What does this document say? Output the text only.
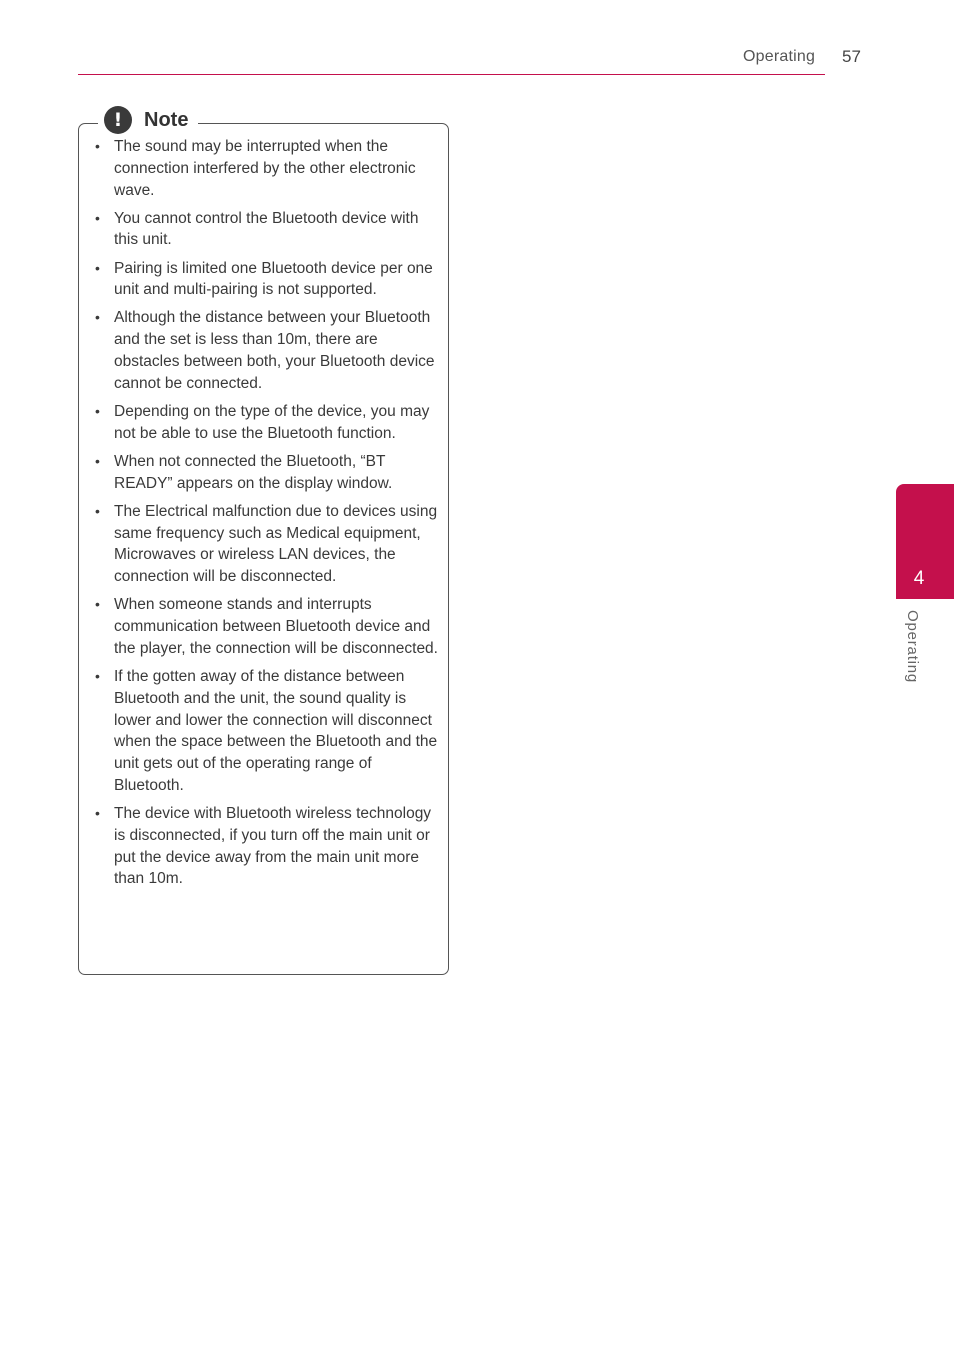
Operating 57
!	Note
• The sound may be interrupted when the connection interfered by the other electronic wave.
• You cannot control the Bluetooth device with this unit.
• Pairing is limited one Bluetooth device per one unit and multi-pairing is not supported.
• Although the distance between your Bluetooth and the set is less than 10m, there are obstacles between both, your Bluetooth device cannot be connected.
• Depending on the type of the device, you may not be able to use the Bluetooth function.
• When not connected the Bluetooth, “BT READY” appears on the display window.
• The Electrical malfunction due to devices using same frequency such as Medical equipment, Microwaves or wireless LAN devices, the connection will be disconnected.
• When someone stands and interrupts communication between Bluetooth device and the player, the connection will be disconnected.
• If the gotten away of the distance between Bluetooth and the unit, the sound quality is lower and lower the connection will disconnect when the space between the Bluetooth and the unit gets out of the operating range of Bluetooth.
• The device with Bluetooth wireless technology is disconnected, if you turn off the main unit or put the device away from the main unit more than 10m.
4
Operating
